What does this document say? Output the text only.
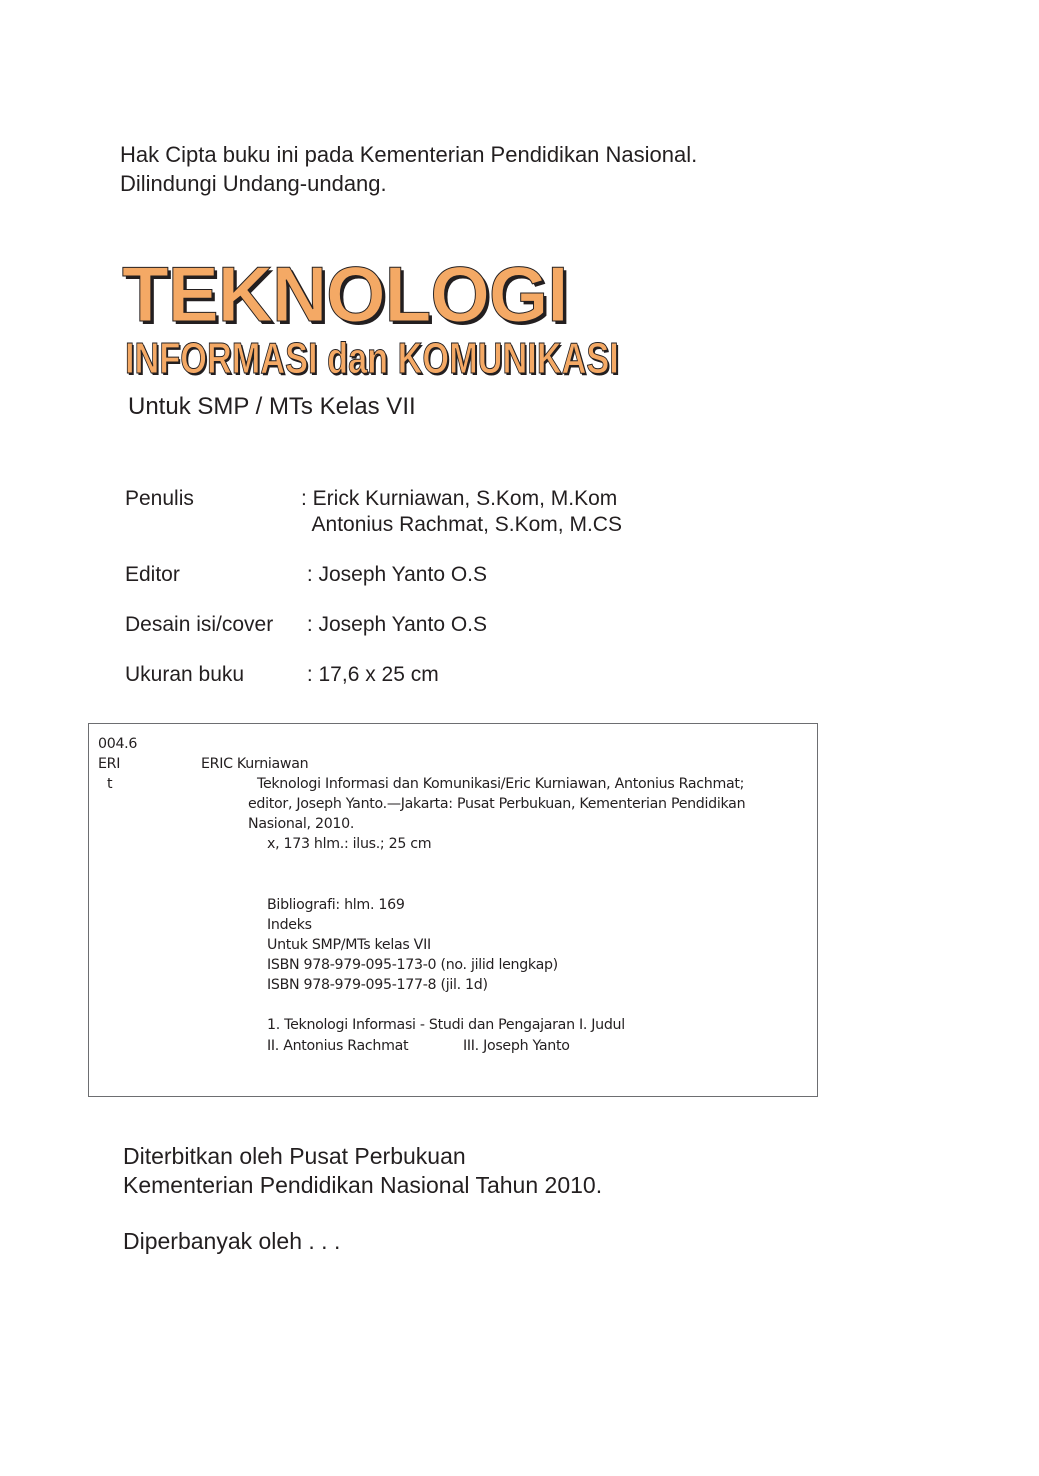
Hak Cipta buku ini pada Kementerian Pendidikan Nasional.
Dilindungi Undang-undang.
TEKNOLOGI
INFORMASI dan KOMUNIKASI
Untuk SMP / MTs Kelas VII
Penulis	: Erick Kurniawan, S.Kom, M.Kom
Antonius Rachmat, S.Kom, M.CS
Editor	: Joseph Yanto O.S
Desain isi/cover	: Joseph Yanto O.S
Ukuran buku	: 17,6 x 25 cm
004.6
ERI
t
ERIC Kurniawan
Teknologi Informasi dan Komunikasi/Eric Kurniawan, Antonius Rachmat;
editor, Joseph Yanto.—Jakarta: Pusat Perbukuan, Kementerian Pendidikan
Nasional, 2010.
x, 173 hlm.: ilus.; 25 cm
Bibliografi: hlm. 169
Indeks
Untuk SMP/MTs kelas VII
ISBN 978-979-095-173-0 (no. jilid lengkap)
ISBN 978-979-095-177-8 (jil. 1d)
1. Teknologi Informasi - Studi dan Pengajaran I. Judul
II. Antonius Rachmat	III. Joseph Yanto
Diterbitkan oleh Pusat Perbukuan
Kementerian Pendidikan Nasional Tahun 2010.
Diperbanyak oleh . . .
